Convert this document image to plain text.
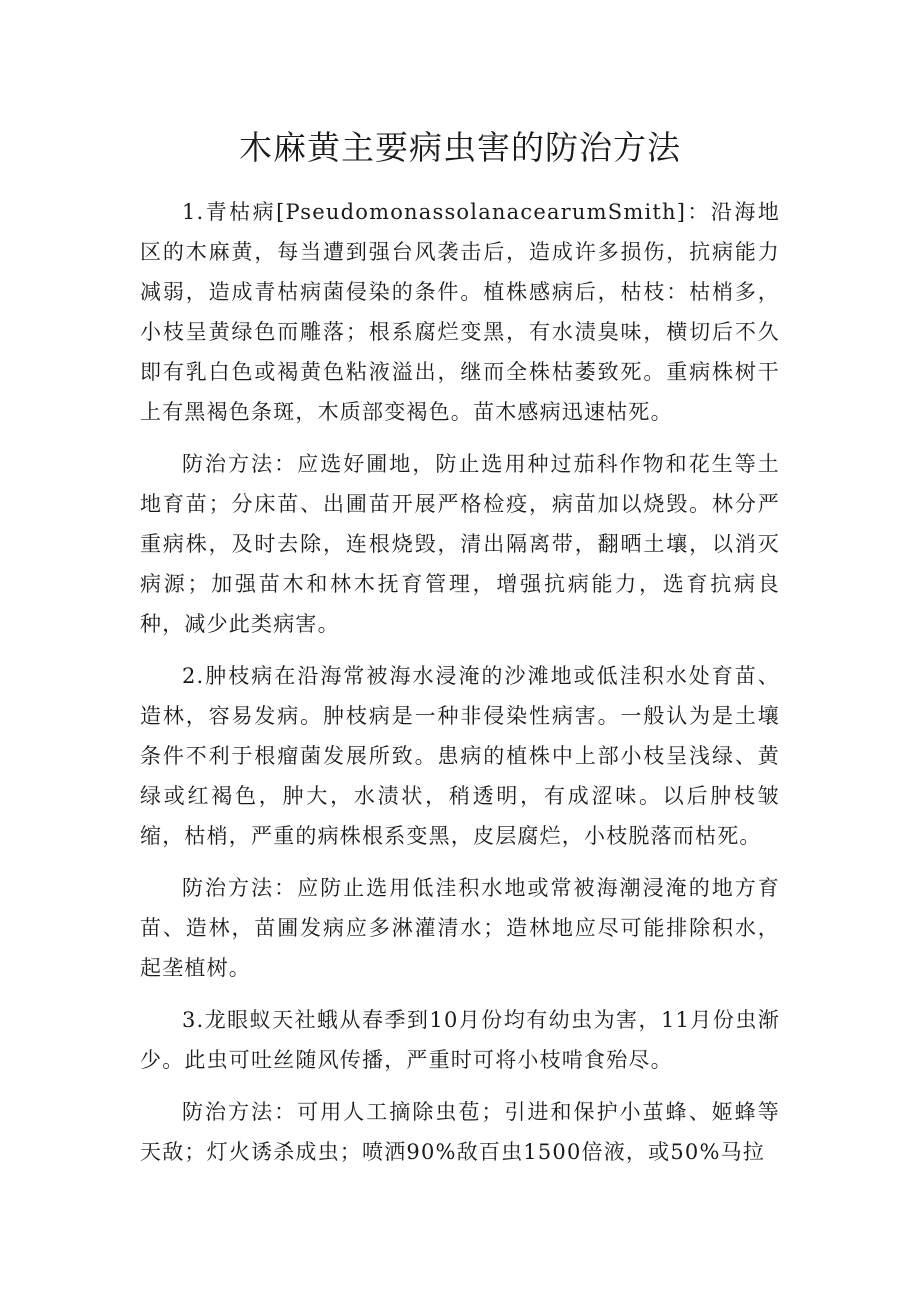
木麻黄主要病虫害的防治方法

1.青枯病[PseudomonassolanacearumSmith]：沿海地区的木麻黄，每当遭到强台风袭击后，造成许多损伤，抗病能力减弱，造成青枯病菌侵染的条件。植株感病后，枯枝：枯梢多，小枝呈黄绿色而雕落；根系腐烂变黑，有水渍臭味，横切后不久即有乳白色或褐黄色粘液溢出，继而全株枯萎致死。重病株树干上有黑褐色条斑，木质部变褐色。苗木感病迅速枯死。

防治方法：应选好圃地，防止选用种过茄科作物和花生等土地育苗；分床苗、出圃苗开展严格检疫，病苗加以烧毁。林分严重病株，及时去除，连根烧毁，清出隔离带，翻晒土壤，以消灭病源；加强苗木和林木抚育管理，增强抗病能力，选育抗病良种，减少此类病害。

2.肿枝病在沿海常被海水浸淹的沙滩地或低洼积水处育苗、造林，容易发病。肿枝病是一种非侵染性病害。一般认为是土壤条件不利于根瘤菌发展所致。患病的植株中上部小枝呈浅绿、黄绿或红褐色，肿大，水渍状，稍透明，有成涩味。以后肿枝皱缩，枯梢，严重的病株根系变黑，皮层腐烂，小枝脱落而枯死。

防治方法：应防止选用低洼积水地或常被海潮浸淹的地方育苗、造林，苗圃发病应多淋灌清水；造林地应尽可能排除积水，起垄植树。

3.龙眼蚁天社蛾从春季到10月份均有幼虫为害，11月份虫渐少。此虫可吐丝随风传播，严重时可将小枝啃食殆尽。

防治方法：可用人工摘除虫苞；引进和保护小茧蜂、姬蜂等天敌；灯火诱杀成虫；喷洒90%敌百虫1500倍液，或50%马拉
